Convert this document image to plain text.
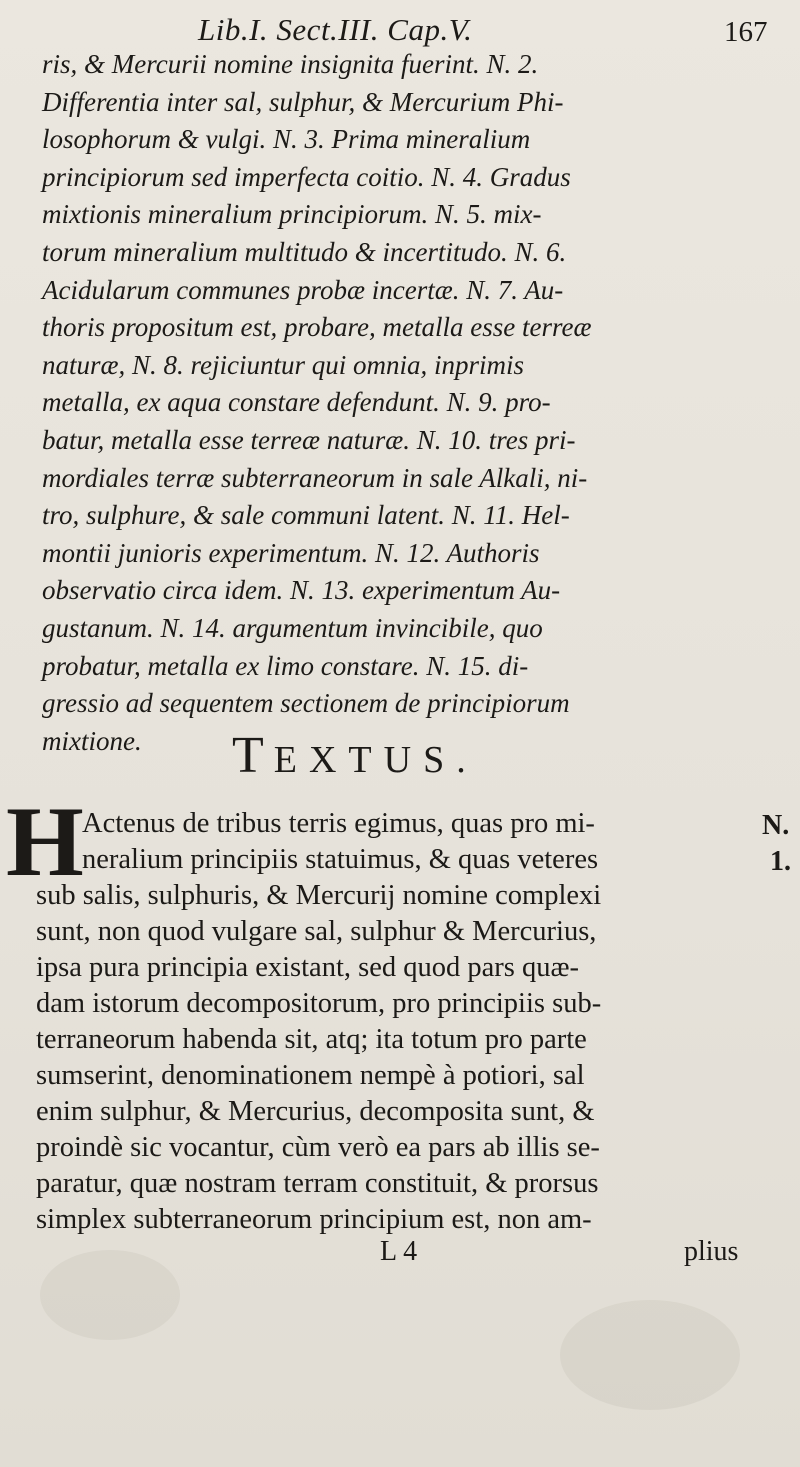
Lib.I. Sect.III. Cap.V.	167
ris, & Mercurii nomine insignita fuerint. N. 2.
Differentia inter sal, sulphur, & Mercurium Phi-
losophorum & vulgi. N. 3. Prima mineralium
principiorum sed imperfecta coitio. N. 4. Gradus
mixtionis mineralium principiorum. N. 5. mix-
torum mineralium multitudo & incertitudo. N. 6.
Acidularum communes probæ incertæ. N. 7. Au-
thoris propositum est, probare, metalla esse terreæ
naturæ, N. 8. rejiciuntur qui omnia, inprimis
metalla, ex aqua constare defendunt. N. 9. pro-
batur, metalla esse terreæ naturæ. N. 10. tres pri-
mordiales terræ subterraneorum in sale Alkali, ni-
tro, sulphure, & sale communi latent. N. 11. Hel-
montii junioris experimentum. N. 12. Authoris
observatio circa idem. N. 13. experimentum Au-
gustanum. N. 14. argumentum invincibile, quo
probatur, metalla ex limo constare. N. 15. di-
gressio ad sequentem sectionem de principiorum
mixtione.	TEXTUS.
H
Actenus de tribus terris egimus, quas pro mi-
neralium principiis statuimus, & quas veteres
sub salis, sulphuris, & Mercurij nomine complexi
sunt, non quod vulgare sal, sulphur & Mercurius,
ipsa pura principia existant, sed quod pars quæ-
dam istorum decompositorum, pro principiis sub-
terraneorum habenda sit, atq; ita totum pro parte
sumserint, denominationem nempè à potiori, sal
enim sulphur, & Mercurius, decomposita sunt, &
proindè sic vocantur, cùm verò ea pars ab illis se-
paratur, quæ nostram terram constituit, & prorsus
simplex subterraneorum principium est, non am-
N.
1.
L 4	plius
